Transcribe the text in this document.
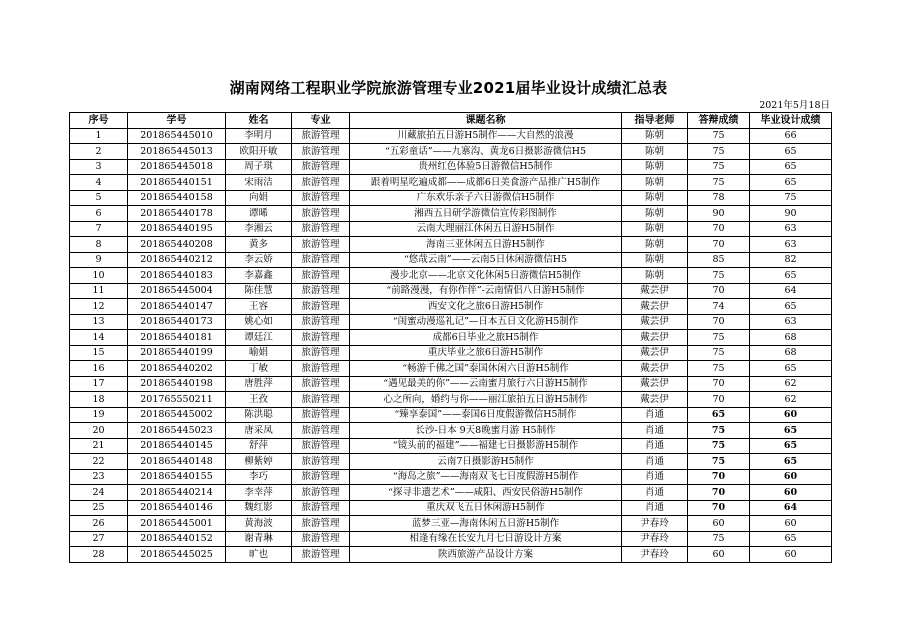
湖南网络工程职业学院旅游管理专业2021届毕业设计成绩汇总表
2021年5月18日
序号	学号	姓名	专业	课题名称	指导老师	答辩成绩	毕业设计成绩
1	201865445010	李明月	旅游管理	川藏旅拍五日游H5制作——大自然的浪漫	陈朝	75	66
2	201865445013	欧阳开敏	旅游管理	“五彩童话”——九寨沟、黄龙6日摄影游微信H5	陈朝	75	65
3	201865445018	周子琪	旅游管理	贵州红色体验5日游微信H5制作	陈朝	75	65
4	201865440151	宋雨洁	旅游管理	跟着明星吃遍成都——成都6日美食游产品推广H5制作	陈朝	75	65
5	201865440158	向娟	旅游管理	广东欢乐亲子六日游微信H5制作	陈朝	78	75
6	201865440178	谭晞	旅游管理	湘西五日研学游微信宣传彩图制作	陈朝	90	90
7	201865440195	李湘云	旅游管理	云南大理丽江休闲五日游H5制作	陈朝	70	63
8	201865440208	黄多	旅游管理	海南三亚休闲五日游H5制作	陈朝	70	63
9	201865440212	李云娇	旅游管理	“悠哉云南”——云南5日休闲游微信H5	陈朝	85	82
10	201865440183	李嘉鑫	旅游管理	漫步北京——北京文化休闲5日游微信H5制作	陈朝	75	65
11	201865445004	陈佳慧	旅游管理	“前路漫漫，有你作伴”-云南情侣八日游H5制作	戴芸伊	70	64
12	201865440147	王容	旅游管理	西安文化之旅6日游H5制作	戴芸伊	74	65
13	201865440173	姚心如	旅游管理	“闺蜜动漫巡礼记”—日本五日文化游H5制作	戴芸伊	70	63
14	201865440181	谭廷江	旅游管理	成都6日毕业之旅H5制作	戴芸伊	75	68
15	201865440199	喻娟	旅游管理	重庆毕业之旅6日游H5制作	戴芸伊	75	68
16	201865440202	丁敏	旅游管理	“畅游千佛之国”泰国休闲六日游H5制作	戴芸伊	75	65
17	201865440198	唐胜萍	旅游管理	“遇见最美的你”——云南蜜月旅行六日游H5制作	戴芸伊	70	62
18	201765550211	王孜	旅游管理	心之所向，婚约与你——丽江旅拍五日游H5制作	戴芸伊	70	62
19	201865445002	陈洪聪	旅游管理	“臻享泰国”——泰国6日度假游微信H5制作	肖通	65	60
20	201865445023	唐采凤	旅游管理	长沙-日本 9天8晚蜜月游 H5制作	肖通	75	65
21	201865440145	舒萍	旅游管理	“镜头前的福建”——福建七日摄影游H5制作	肖通	75	65
22	201865440148	柳紫婷	旅游管理	云南7日摄影游H5制作	肖通	75	65
23	201865440155	李巧	旅游管理	“海岛之旅”——海南双飞七日度假游H5制作	肖通	70	60
24	201865440214	李幸萍	旅游管理	“探寻非遗艺术”——咸阳、西安民俗游H5制作	肖通	70	60
25	201865440146	魏红影	旅游管理	重庆双飞五日休闲游H5制作	肖通	70	64
26	201865445001	黄海波	旅游管理	蓝梦三亚—海南休闲五日游H5制作	尹春玲	60	60
27	201865440152	谢青琳	旅游管理	相逢有缘在长安九月七日游设计方案	尹春玲	75	65
28	201865445025	旷也	旅游管理	陕西旅游产品设计方案	尹春玲	60	60
